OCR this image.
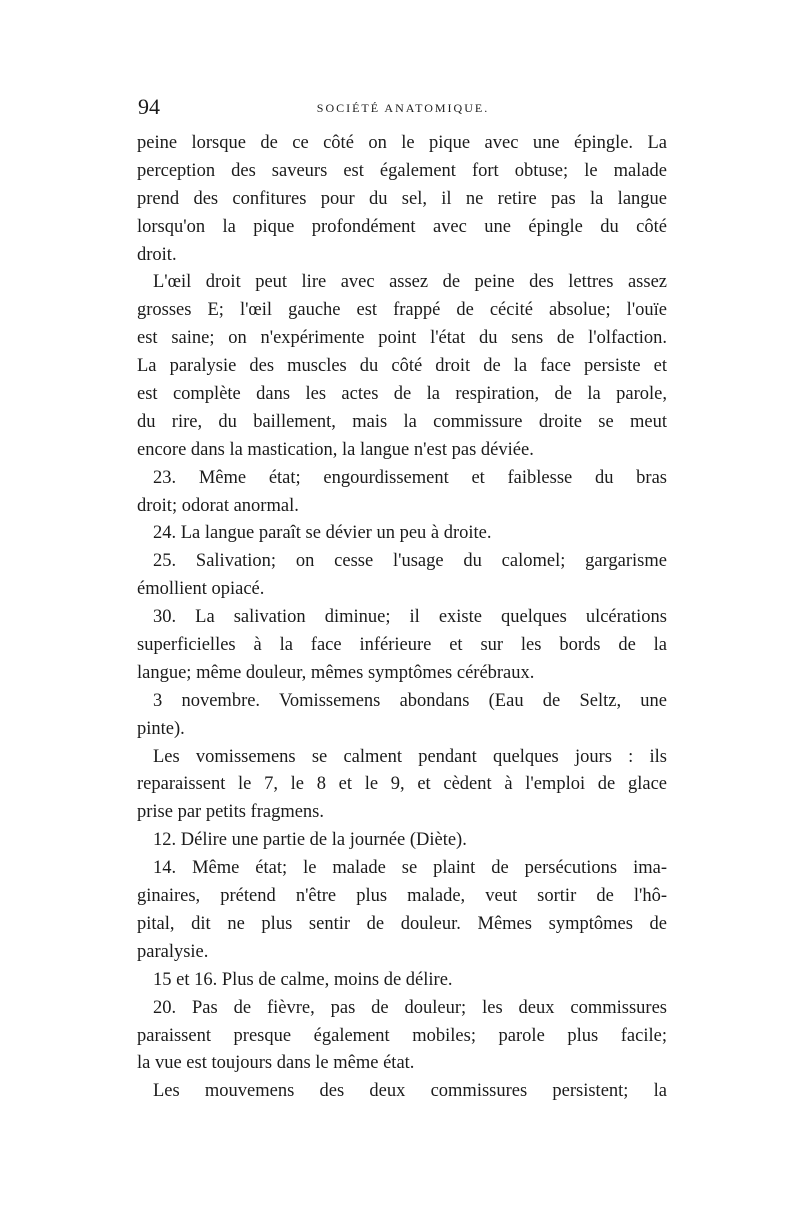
94	SOCIÉTÉ ANATOMIQUE.
peine lorsque de ce côté on le pique avec une épingle. La
perception des saveurs est également fort obtuse; le malade
prend des confitures pour du sel, il ne retire pas la langue
lorsqu'on la pique profondément avec une épingle du côté
droit.
L'œil droit peut lire avec assez de peine des lettres assez
grosses E; l'œil gauche est frappé de cécité absolue; l'ouïe
est saine; on n'expérimente point l'état du sens de l'olfaction.
La paralysie des muscles du côté droit de la face persiste et
est complète dans les actes de la respiration, de la parole,
du rire, du baillement, mais la commissure droite se meut
encore dans la mastication, la langue n'est pas déviée.
23. Même état; engourdissement et faiblesse du bras
droit; odorat anormal.
24. La langue paraît se dévier un peu à droite.
25. Salivation; on cesse l'usage du calomel; gargarisme
émollient opiacé.
30. La salivation diminue; il existe quelques ulcérations
superficielles à la face inférieure et sur les bords de la
langue; même douleur, mêmes symptômes cérébraux.
3 novembre. Vomissemens abondans (Eau de Seltz, une
pinte).
Les vomissemens se calment pendant quelques jours : ils
reparaissent le 7, le 8 et le 9, et cèdent à l'emploi de glace
prise par petits fragmens.
12. Délire une partie de la journée (Diète).
14. Même état; le malade se plaint de persécutions ima-
ginaires, prétend n'être plus malade, veut sortir de l'hô-
pital, dit ne plus sentir de douleur. Mêmes symptômes de
paralysie.
15 et 16. Plus de calme, moins de délire.
20. Pas de fièvre, pas de douleur; les deux commissures
paraissent presque également mobiles; parole plus facile;
la vue est toujours dans le même état.
Les mouvemens des deux commissures persistent; la
